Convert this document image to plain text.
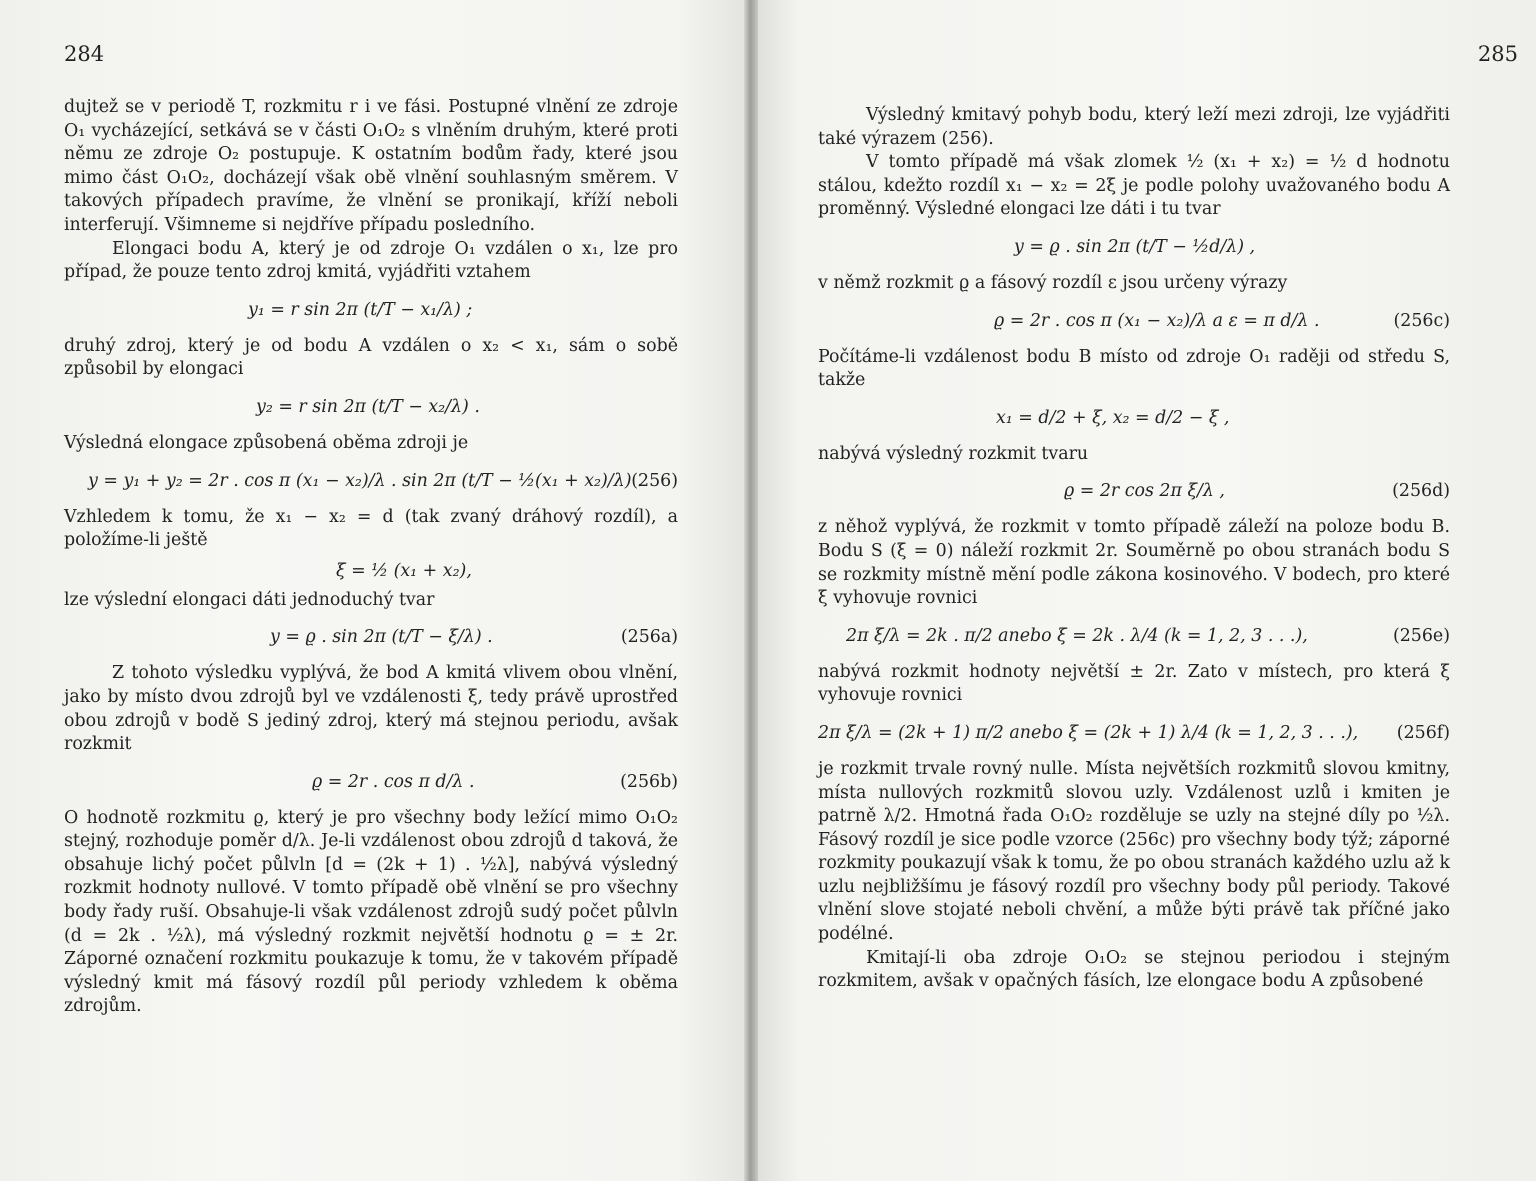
284

dujtež se v periodě T, rozkmitu r i ve fási. Postupné vlnění ze zdroje O₁ vycházející, setkává se v části O₁O₂ s vlněním druhým, které proti němu ze zdroje O₂ postupuje. K ostatním bodům řady, které jsou mimo část O₁O₂, docházejí však obě vlnění souhlasným směrem. V takových případech pravíme, že vlnění se pronikají, kříží neboli interferují. Všimneme si nejdříve případu posledního.

Elongaci bodu A, který je od zdroje O₁ vzdálen o x₁, lze pro případ, že pouze tento zdroj kmitá, vyjádřiti vztahem

y₁ = r sin 2π (t/T − x₁/λ) ;

druhý zdroj, který je od bodu A vzdálen o x₂ < x₁, sám o sobě způsobil by elongaci

y₂ = r sin 2π (t/T − x₂/λ) .

Výsledná elongace způsobená oběma zdroji je

y = y₁ + y₂ = 2r . cos π (x₁ − x₂)/λ . sin 2π (t/T − ½(x₁ + x₂)/λ) .
(256)

Vzhledem k tomu, že x₁ − x₂ = d (tak zvaný dráhový rozdíl), a položíme-li ještě

ξ = ½ (x₁ + x₂),

lze výslední elongaci dáti jednoduchý tvar

y = ϱ . sin 2π (t/T − ξ/λ) .	(256a)

Z tohoto výsledku vyplývá, že bod A kmitá vlivem obou vlnění, jako by místo dvou zdrojů byl ve vzdálenosti ξ, tedy právě uprostřed obou zdrojů v bodě S jediný zdroj, který má stejnou periodu, avšak rozkmit

ϱ = 2r . cos π d/λ .	(256b)

O hodnotě rozkmitu ϱ, který je pro všechny body ležící mimo O₁O₂ stejný, rozhoduje poměr d/λ. Je-li vzdálenost obou zdrojů d taková, že obsahuje lichý počet půlvln [d = (2k + 1) . ½λ], nabývá výsledný rozkmit hodnoty nullové. V tomto případě obě vlnění se pro všechny body řady ruší. Obsahuje-li však vzdálenost zdrojů sudý počet půlvln (d = 2k . ½λ), má výsledný rozkmit největší hodnotu ϱ = ± 2r. Záporné označení rozkmitu poukazuje k tomu, že v takovém případě výsledný kmit má fásový rozdíl půl periody vzhledem k oběma zdrojům.

285

Výsledný kmitavý pohyb bodu, který leží mezi zdroji, lze vyjádřiti také výrazem (256).

V tomto případě má však zlomek ½ (x₁ + x₂) = ½ d hodnotu stálou, kdežto rozdíl x₁ − x₂ = 2ξ je podle polohy uvažovaného bodu A proměnný. Výsledné elongaci lze dáti i tu tvar

y = ϱ . sin 2π (t/T − ½d/λ) ,

v němž rozkmit ϱ a fásový rozdíl ε jsou určeny výrazy

ϱ = 2r . cos π (x₁ − x₂)/λ a ε = π d/λ .	(256c)

Počítáme-li vzdálenost bodu B místo od zdroje O₁ raději od středu S, takže

x₁ = d/2 + ξ, x₂ = d/2 − ξ ,

nabývá výsledný rozkmit tvaru

ϱ = 2r cos 2π ξ/λ ,	(256d)

z něhož vyplývá, že rozkmit v tomto případě záleží na poloze bodu B. Bodu S (ξ = 0) náleží rozkmit 2r. Souměrně po obou stranách bodu S se rozkmity místně mění podle zákona kosinového. V bodech, pro které ξ vyhovuje rovnici

2π ξ/λ = 2k . π/2 anebo ξ = 2k . λ/4 (k = 1, 2, 3 . . .),	(256e)

nabývá rozkmit hodnoty největší ± 2r. Zato v místech, pro která ξ vyhovuje rovnici

2π ξ/λ = (2k + 1) π/2 anebo ξ = (2k + 1) λ/4 (k = 1, 2, 3 . . .), (256f)

je rozkmit trvale rovný nulle. Místa největších rozkmitů slovou kmitny, místa nullových rozkmitů slovou uzly. Vzdálenost uzlů i kmiten je patrně λ/2. Hmotná řada O₁O₂ rozděluje se uzly na stejné díly po ½λ. Fásový rozdíl je sice podle vzorce (256c) pro všechny body týž; záporné rozkmity poukazují však k tomu, že po obou stranách každého uzlu až k uzlu nejbližšímu je fásový rozdíl pro všechny body půl periody. Takové vlnění slove stojaté neboli chvění, a může býti právě tak příčné jako podélné.

Kmitají-li oba zdroje O₁O₂ se stejnou periodou i stejným rozkmitem, avšak v opačných fásích, lze elongace bodu A způsobené
